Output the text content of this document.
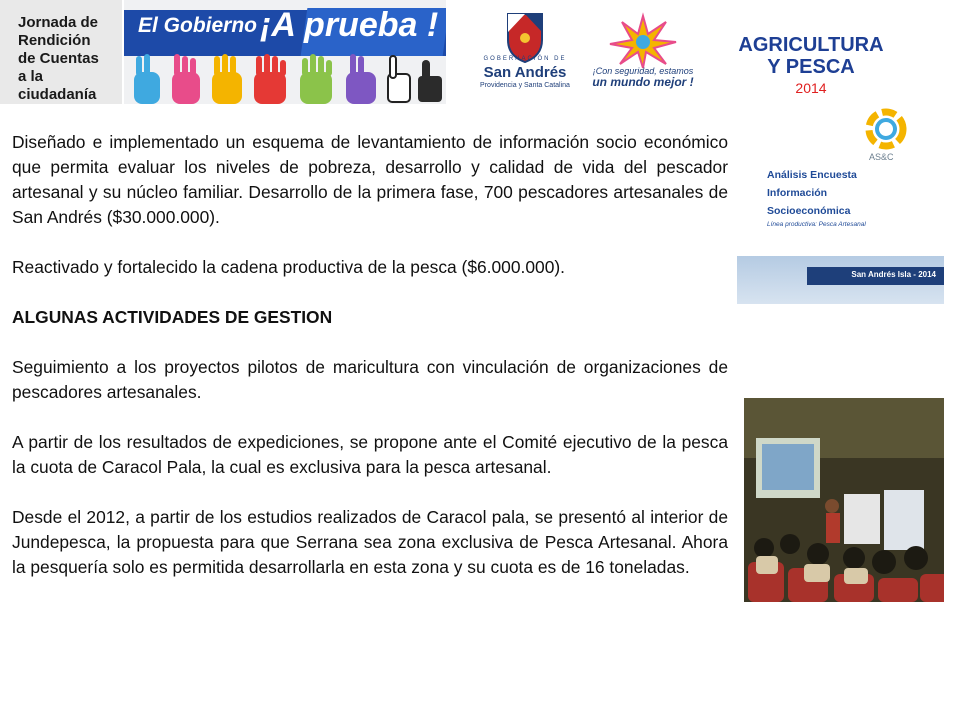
Jornada de
Rendición
de Cuentas
a la ciudadanía
El Gobierno ¡A prueba !
GOBERNACIÓN DE
San Andrés
Providencia y Santa Catalina
¡Con seguridad, estamos
un mundo mejor !
AGRICULTURA
Y PESCA
2014

Diseñado e implementado un esquema de levantamiento de información socio económico que permita evaluar los niveles de pobreza, desarrollo y calidad de vida del pescador artesanal y su núcleo familiar. Desarrollo de la primera fase, 700 pescadores artesanales de San Andrés ($30.000.000).

Reactivado y fortalecido la cadena productiva de la pesca ($6.000.000).

ALGUNAS ACTIVIDADES DE GESTION

Seguimiento a los proyectos pilotos de maricultura con vinculación de organizaciones de pescadores artesanales.

A partir de los resultados de expediciones, se propone ante el Comité ejecutivo de la pesca la cuota de Caracol Pala, la cual es exclusiva para la pesca artesanal.

Desde el 2012, a partir de los estudios realizados de Caracol pala, se presentó al interior de Jundepesca, la propuesta para que Serrana sea zona exclusiva de Pesca Artesanal. Ahora la pesquería solo es permitida desarrollarla en esta zona y su cuota es de 16 toneladas.

AS&C
Análisis Encuesta
Información
Socioeconómica
Línea productiva: Pesca Artesanal
San Andrés Isla - 2014
